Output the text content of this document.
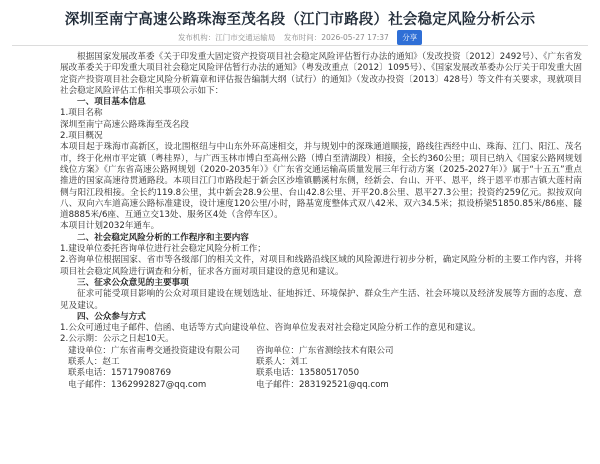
深圳至南宁高速公路珠海至茂名段（江门市路段）社会稳定风险分析公示
发布机构：江门市交通运输局 发布时间：2026-05-27 17:37 分享

根据国家发展改革委《关于印发重大固定资产投资项目社会稳定风险评估暂行办法的通知》（发改投资〔2012〕2492号）、《广东省发展改革委关于印发重大项目社会稳定风险评估暂行办法的通知》（粤发改重点〔2012〕1095号）、《国家发展改革委办公厅关于印发重大固定资产投资项目社会稳定风险分析篇章和评估报告编制大纲（试行）的通知》（发改办投资〔2013〕428号）等文件有关要求，现就项目社会稳定风险评估工作相关事项公示如下：

一、项目基本信息

1.项目名称

深圳至南宁高速公路珠海至茂名段

2.项目概况

本项目起于珠海市高新区，设北围枢纽与中山东外环高速相交，并与规划中的深珠通道顺接，路线往西经中山、珠海、江门、阳江、茂名市，终于化州市平定镇（粤桂界），与广西玉林市博白至高州公路（博白至清湖段）相接，全长约360公里；项目已纳入《国家公路网规划线位方案》《广东省高速公路网规划（2020-2035年）》《广东省交通运输高质量发展三年行动方案（2025-2027年）》属于“十五五”重点推进的国家高速待贯通路段。本项目江门市路段起于新会区沙堆镇鹏溪村东侧，经新会、台山、开平、恩平，终于恩平市那吉镇大莲村南侧与阳江段相接。全长约119.8公里，其中新会28.9公里、台山42.8公里、开平20.8公里、恩平27.3公里；投资约259亿元。拟按双向八、双向六车道高速公路标准建设，设计速度120公里/小时，路基宽度整体式双八42米、双六34.5米；拟设桥梁51850.85米/86座、隧道8885米/6座、互通立交13处、服务区4处（含停车区）。

本项目计划2032年通车。

二、社会稳定风险分析的工作程序和主要内容

1.建设单位委托咨询单位进行社会稳定风险分析工作；

2.咨询单位根据国家、省市等各级部门的相关文件，对项目和线路沿线区域的风险源进行初步分析，确定风险分析的主要工作内容，并将项目社会稳定风险进行调查和分析，征求各方面对项目建设的意见和建议。

三、征求公众意见的主要事项

征求可能受项目影响的公众对项目建设在规划选址、征地拆迁、环境保护、群众生产生活、社会环境以及经济发展等方面的态度、意见及建议。

四、公众参与方式

1.公众可通过电子邮件、信函、电话等方式向建设单位、咨询单位发表对社会稳定风险分析工作的意见和建议。

2.公示期：公示之日起10天。

建设单位：广东省南粤交通投资建设有限公司	咨询单位：广东省测绘技术有限公司
联系人：赵工	联系人：刘工
联系电话：15717908769	联系电话：13580517050
电子邮件：1362992827@qq.com	电子邮件：283192521@qq.com
